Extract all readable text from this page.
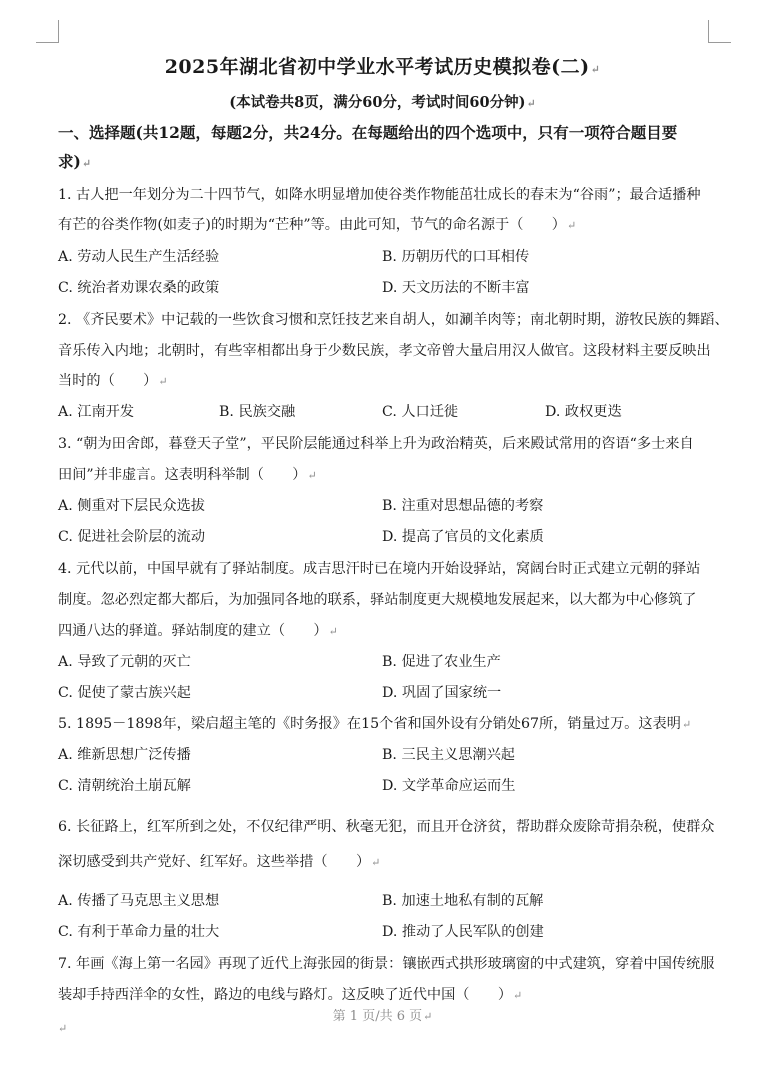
2025年湖北省初中学业水平考试历史模拟卷(二)↵
(本试卷共8页，满分60分，考试时间60分钟)↵
一、选择题(共12题，每题2分，共24分。在每题给出的四个选项中，只有一项符合题目要
求)↵
1. 古人把一年划分为二十四节气，如降水明显增加使谷类作物能茁壮成长的春末为“谷雨”；最合适播种
有芒的谷类作物(如麦子)的时期为“芒种”等。由此可知，节气的命名源于（　　）↵
A. 劳动人民生产生活经验	B. 历朝历代的口耳相传
C. 统治者劝课农桑的政策	D. 天文历法的不断丰富
2. 《齐民要术》中记载的一些饮食习惯和烹饪技艺来自胡人，如涮羊肉等；南北朝时期，游牧民族的舞蹈、
音乐传入内地；北朝时，有些宰相都出身于少数民族，孝文帝曾大量启用汉人做官。这段材料主要反映出
当时的（　　）↵
A. 江南开发	B. 民族交融	C. 人口迁徙	D. 政权更迭
3. “朝为田舍郎，暮登天子堂”，平民阶层能通过科举上升为政治精英，后来殿试常用的咨语“多士来自
田间”并非虚言。这表明科举制（　　）↵
A. 侧重对下层民众选拔	B. 注重对思想品德的考察
C. 促进社会阶层的流动	D. 提高了官员的文化素质
4. 元代以前，中国早就有了驿站制度。成吉思汗时已在境内开始设驿站，窝阔台时正式建立元朝的驿站
制度。忽必烈定都大都后，为加强同各地的联系，驿站制度更大规模地发展起来，以大都为中心修筑了
四通八达的驿道。驿站制度的建立（　　）↵
A. 导致了元朝的灭亡	B. 促进了农业生产
C. 促使了蒙古族兴起	D. 巩固了国家统一
5. 1895－1898年，梁启超主笔的《时务报》在15个省和国外设有分销处67所，销量过万。这表明↵
A. 维新思想广泛传播	B. 三民主义思潮兴起
C. 清朝统治土崩瓦解	D. 文学革命应运而生
6. 长征路上，红军所到之处，不仅纪律严明、秋毫无犯，而且开仓济贫，帮助群众废除苛捐杂税，使群众
深切感受到共产党好、红军好。这些举措（　　）↵
A. 传播了马克思主义思想	B. 加速土地私有制的瓦解
C. 有利于革命力量的壮大	D. 推动了人民军队的创建
7. 年画《海上第一名园》再现了近代上海张园的街景：镶嵌西式拱形玻璃窗的中式建筑，穿着中国传统服
装却手持西洋伞的女性，路边的电线与路灯。这反映了近代中国（　　）↵
第 1 页/共 6 页↵
↵
